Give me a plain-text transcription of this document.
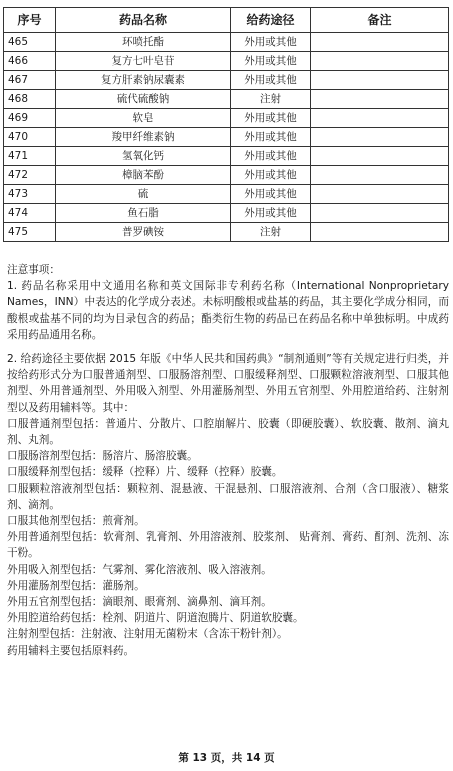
序号	药品名称	给药途径	备注
465	环喷托酯	外用或其他	
466	复方七叶皂苷	外用或其他	
467	复方肝素钠尿囊素	外用或其他	
468	硫代硫酸钠	注射	
469	软皂	外用或其他	
470	羧甲纤维素钠	外用或其他	
471	氢氧化钙	外用或其他	
472	樟脑苯酚	外用或其他	
473	硫	外用或其他	
474	鱼石脂	外用或其他	
475	普罗碘铵	注射	

注意事项：

1. 药品名称采用中文通用名称和英文国际非专利药名称（International Nonproprietary Names，INN）中表达的化学成分表述。未标明酸根或盐基的药品，其主要化学成分相同，而酸根或盐基不同的均为目录包含的药品；酯类衍生物的药品已在药品名称中单独标明。中成药采用药品通用名称。

2. 给药途径主要依据 2015 年版《中华人民共和国药典》“制剂通则”等有关规定进行归类，并按给药形式分为口服普通剂型、口服肠溶剂型、口服缓释剂型、口服颗粒溶液剂型、口服其他剂型、外用普通剂型、外用吸入剂型、外用灌肠剂型、外用五官剂型、外用腔道给药、注射剂型以及药用辅料等。其中：

口服普通剂型包括：普通片、分散片、口腔崩解片、胶囊（即硬胶囊）、软胶囊、散剂、滴丸剂、丸剂。

口服肠溶剂型包括：肠溶片、肠溶胶囊。

口服缓释剂型包括：缓释（控释）片、缓释（控释）胶囊。

口服颗粒溶液剂型包括：颗粒剂、混悬液、干混悬剂、口服溶液剂、合剂（含口服液）、糖浆剂、滴剂。

口服其他剂型包括：煎膏剂。

外用普通剂型包括：软膏剂、乳膏剂、外用溶液剂、胶浆剂、 贴膏剂、膏药、酊剂、洗剂、冻干粉。

外用吸入剂型包括：气雾剂、雾化溶液剂、吸入溶液剂。

外用灌肠剂型包括：灌肠剂。

外用五官剂型包括：滴眼剂、眼膏剂、滴鼻剂、滴耳剂。

外用腔道给药包括：栓剂、阴道片、阴道泡腾片、阴道软胶囊。

注射剂型包括：注射液、注射用无菌粉末（含冻干粉针剂）。

药用辅料主要包括原料药。

第 13 页，共 14 页
